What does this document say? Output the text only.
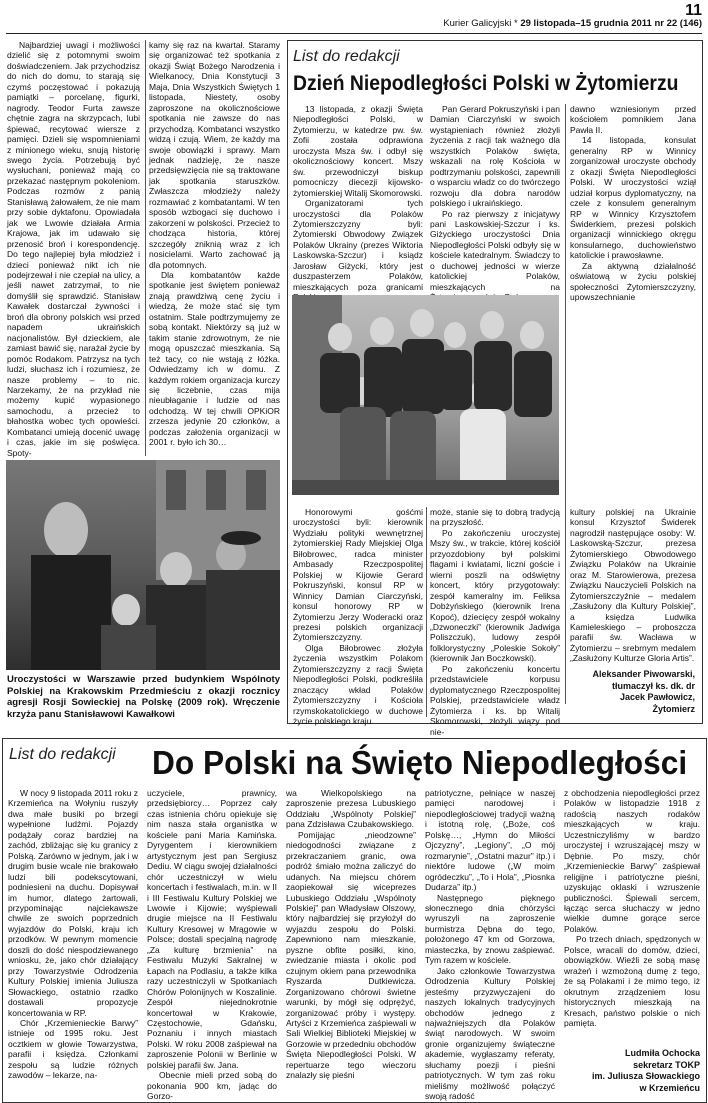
11
Kurier Galicyjski * 29 listopada–15 grudnia 2011 nr 22 (146)

Najbardziej uwagi i możliwości dzielić się z potomnymi swoim doświadczeniem. Jak przychodzisz do nich do domu, to starają się czymś poczęstować i pokazują pamiątki – porcelanę, figurki, nagrody. Teodor Furta zawsze chętnie zagra na skrzypcach, lubi śpiewać, recytować wiersze z pamięci. Dzieli się wspomnieniami z minionego wieku, snują historię swego życia. Potrzebują być wysłuchani, ponieważ mają co przekazać następnym pokoleniom. Podczas rozmów z panią Stanisławą żałowałem, że nie mam przy sobie dyktafonu. Opowiadała jak we Lwowie działała Armia Krajowa, jak im udawało się przenosić broń i korespondencję. Do tego najlepiej była młodzież i dzieci ponieważ nikt ich nie podejrzewał i nie czepiał na ulicy, a jeśli nawet zatrzymał, to nie domyślił się sprawdzić. Stanisław Kawałek dostarczał żywności i broń dla obrony polskich wsi przed napadem ukraińskich nacjonalistów. Był dzieckiem, ale zamiast bawić się, narażał życie by pomóc Rodakom. Patrzysz na tych ludzi, słuchasz ich i rozumiesz, że nasze problemy – to nic. Narzekamy, że na przykład nie możemy kupić wypasionego samochodu, a przecież to błahostka wobec tych opowieści. Kombatanci umieją docenić uwagę i czas, jakie im się poświęca. Spoty-

kamy się raz na kwartał. Staramy się organizować też spotkania z okazji Świąt Bożego Narodzenia i Wielkanocy, Dnia Konstytucji 3 Maja, Dnia Wszystkich Świętych 1 listopada, Niestety, osoby zaproszone na okolicznościowe spotkania nie zawsze do nas przychodzą. Kombatanci wszystko widzą i czują. Wiem, że każdy ma swoje obowiązki i sprawy. Mam jednak nadzieję, że nasze przedsięwzięcia nie są traktowane jak spotkania staruszków. Zwłaszcza młodzieży należy rozmawiać z kombatantami. W ten sposób wzbogaci się duchowo i zakorzeni w polskości. Przecież to chodząca historia, której szczegóły zniknią wraz z ich nosicielami. Warto zachować ją dla potomnych.

Dla kombatantów każde spotkanie jest świętem ponieważ znają prawdziwą cenę życiu i wiedzą, że może stać się tym ostatnim. Stale podtrzymujemy ze sobą kontakt. Niektórzy są już w takim stanie zdrowotnym, że nie mogą opuszczać mieszkania. Są też tacy, co nie wstają z łóżka. Odwiedzamy ich w domu. Z każdym rokiem organizacja kurczy się liczebnie, czas mija nieubłaganie i ludzie od nas odchodzą. W tej chwili OPKiOR zrzesza jedynie 20 członków, a podczas założenia organizacji w 2001 r. było ich 30…

Uroczystości w Warszawie przed budynkiem Wspólnoty Polskiej na Krakowskim Przedmieściu z okazji rocznicy agresji Rosji Sowieckiej na Polskę (2009 rok). Wręczenie krzyża panu Stanisławowi Kawałkowi
List do redakcji
Dzień Niepodległości Polski w Żytomierzu

13 listopada, z okazji Święta Niepodległości Polski, w Żytomierzu, w katedrze pw. św. Zofii została odprawiona uroczysta Msza św. i odbył się okolicznościowy koncert. Mszy św. przewodniczył biskup pomocniczy diecezji kijowsko-żytomierskiej Witalij Skomorowski.

Organizatorami tych uroczystości dla Polaków Żytomierszczyzny byli: Żytomierski Obwodowy Związek Polaków Ukrainy (prezes Wiktoria Laskowska-Szczur) i ksiądz Jarosław Giżycki, który jest duszpasterzem Polaków, mieszkających poza granicami

Pan Gerard Pokruszyński i pan Damian Ciarczyński w swoich wystąpieniach również złożyli życzenia z racji tak ważnego dla wszystkich Polaków święta, wskazali na rolę Kościoła w podtrzymaniu polskości, zapewnili o wsparciu władz co do twórczego rozwoju dla dobra narodów polskiego i ukraińskiego.

Po raz pierwszy z inicjatywy pani Laskowskiej-Szczur i ks. Giżyckiego uroczystości Dnia Niepodległości Polski odbyły się w kościele katedralnym. Świadczy to o duchowej jedności w wierze katolickiej Polaków, mieszkających na

dawno wzniesionym przed kościołem pomnikiem Jana Pawła II.

14 listopada, konsulat generalny RP w Winnicy zorganizował uroczyste obchody z okazji Święta Niepodległości Polski. W uroczystości wziął udział korpus dyplomatyczny, na czele z konsulem generalnym RP w Winnicy Krzysztofem Świderkiem, prezesi polskich organizacji winnickiego okręgu konsularnego, duchowieństwo katolickie i prawosławne.

Za aktywną działalność oświatową w życiu polskiej społeczności Żytomierszczyzny, upowszechnianie

Honorowymi gośćmi uroczystości byli: kierownik Wydziału polityki wewnętrznej żytomierskiej Rady Miejskiej Olga Biłobrowec, radca minister Ambasady Rzeczpospolitej Polskiej w Kijowie Gerard Pokruszyński, konsul RP w Winnicy Damian Ciarczyński, konsul honorowy RP w Żytomierzu Jerzy Woderacki oraz prezesi polskich organizacji Żytomierszczyzny.

Olga Biłobrowec złożyła życzenia wszystkim Polakom Żytomierszczyzny z racji Święta Niepodległości Polski, podkreśliła znaczący wkład Polaków Żytomierszczyzny i Kościoła rzymskokatolickiego w duchowe życie polskiego kraju.

może, stanie się to dobrą tradycją na przyszłość.

Po zakończeniu uroczystej Mszy św., w trakcie, której kościół przyozdobiony był polskimi flagami i kwiatami, liczni goście i wierni poszli na odświętny koncert, który przygotowały: zespół kameralny im. Feliksa Dobżyńskiego (kierownik Irena Kopoć), dziecięcy zespół wokalny „Dzwoneczki” (kierownik Jadwiga Poliszczuk), ludowy zespół folklorystyczny „Poleskie Sokoły” (kierownik Jan Boczkowski).

Po zakończeniu koncertu przedstawiciele korpusu dyplomatycznego Rzeczpospolitej Polskiej, przedstawiciele władz Żytomierza i ks. bp Witalij Skomorowski, złożyli wiązy pod nie-

kultury polskiej na Ukrainie konsul Krzysztof Świderek nagrodził następujące osoby: W. Laskowską-Szczur, prezesa Żytomierskiego Obwodowego Związku Polaków na Ukrainie oraz M. Starowierowa, prezesa Związku Nauczycieli Polskich na Żytomierszczyźnie – medalem „Zasłużony dla Kultury Polskiej”, a księdza Ludwika Kamieleskiego – proboszcza parafii św. Wacława w Żytomierzu – srebrnym medalem „Zasłużony Kulturze Gloria Artis”.

Aleksander Piwowarski,
tłumaczył ks. dk. dr
Jacek Pawłowicz,
Żytomierz
List do redakcji Do Polski na Święto Niepodległości

W nocy 9 listopada 2011 roku z Krzemieńca na Wołyniu ruszyły dwa małe busiki po brzegi wypełnione ludźmi. Pojazdy podążały coraz bardziej na zachód, zbliżając się ku granicy z Polską. Zarówno w jednym, jak i w drugim busie wcale nie brakowało ludzi bili podekscytowani, podniesieni na duchu. Dopisywał im humor, dlatego żartowali, przypominając najciekawsze chwile ze swoich poprzednich wyjazdów do Polski, kraju ich przodków. W pewnym momencie doszli do dość niespodziewanego wniosku, że, jako chór działający przy Towarzystwie Odrodzenia Kultury Polskiej imienia Juliusza Słowackiego, ostatnio rzadko dostawali propozycje koncertowania w RP.

Chór „Krzemienieckie Barwy” istnieje od 1995 roku. Jest ocztkiem w głowie Towarzystwa, parafii i księdza. Członkami zespołu są ludzie różnych zawodów – lekarze, na-

uczyciele, prawnicy, przedsiębiorcy… Poprzez cały czas istnienia chóru opiekuje się nim nasza stała organistka w kościele pani Maria Kamińska. Dyrygentem i kierownikiem artystycznym jest pan Sergiusz Dediu. W ciągu swojej działalności chór uczestniczył w wielu koncertach i festiwalach, m.in. w II i III Festiwalu Kultury Polskiej we Lwowie i Kijowie; wyśpiewali drugie miejsce na II Festiwalu Kultury Kresowej w Mrągowie w Polsce; dostali specjalną nagrodę „Za kulturę brzmienia” na Festiwalu Muzyki Sakralnej w Łapach na Podlasiu, a także kilka razy uczestniczyli w Spotkaniach Chórów Polonijnych w Koszalinie. Zespół niejednokrotnie koncertował w Krakowie, Częstochowie, Gdańsku, Poznaniu i innych miastach Polski. W roku 2008 zaśpiewał na zaproszenie Polonii w Berlinie w polskiej parafii św. Jana.

Obecnie mieli przed sobą do pokonania 900 km, jadąc do Gorzo-

wa Wielkopolskiego na zaproszenie prezesa Lubuskiego Oddziału „Wspólnoty Polskiej” pana Zdzisława Czubakowskiego.

Pomijając „nieodzowne” niedogodności związane z przekraczaniem granic, owa podróż śmiało można zaliczyć do udanych. Na miejscu chórem zaopiekował się wiceprezes Lubuskiego Oddziału „Wspólnoty Polskiej” pan Władysław Olszowy, który najbardziej się przyłożył do wyjazdu zespołu do Polski. Zapewniono nam mieszkanie, pyszne obfite posiłki, kino, zwiedzanie miasta i okolic pod czujnym okiem pana przewodnika Ryszarda Dutkiewicza. Zorganizowano chórowi świetne warunki, by mógł się odprężyć, zorganizować próby i występy. Artyści z Krzemieńca zaśpiewali w Sali Wielkiej Biblioteki Miejskiej w Gorzowie w przededniu obchodów Święta Niepodległości Polski. W repertuarze tego wieczoru znalazły się pieśni

patriotyczne, pełniące w naszej pamięci narodowej i niepodległościowej tradycji ważną i istotną rolę, („Boże, coś Polskę…, „Hymn do Miłości Ojczyzny”, „Legiony”, „O mój rozmarynie”, „Ostatni mazur” itp.) i niektóre ludowe („W moim ogródeczku”, „To i Hola”, „Piosnka Dudarza” itp.)

Następnego pięknego słonecznego dnia chórzyści wyruszyli na zaproszenie burmistrza Dębna do tego, położonego 47 km od Gorzowa, miasteczka, by znowu zaśpiewać. Tym razem w kościele.

Jako członkowie Towarzystwa Odrodzenia Kultury Polskiej jesteśmy przyzwyczajeni do naszych lokalnych tradycyjnych obchodów jednego z najważniejszych dla Polaków świąt narodowych. W swoim gronie organizujemy świąteczne akademie, wygłaszamy referaty, słuchamy poezji i pieśni patriotycznych. W tym zaś roku mieliśmy możliwość połączyć swoją radość

z obchodzenia niepodległości przez Polaków w listopadzie 1918 z radością naszych rodaków mieszkających w kraju. Uczestniczyliśmy w bardzo uroczystej i wzruszającej mszy w Dębnie. Po mszy, chór „Krzemienieckie Barwy” zaśpiewał religijne i patriotyczne pieśni, uzyskując oklaski i wzruszenie publiczności. Śpiewali sercem, łącząc serca słuchaczy w jedno wielkie dumne gorące serce Polaków.

Po trzech dniach, spędzonych w Polsce, wracali do domów, dzieci, obowiązków. Wieźli ze sobą masę wrażeń i wzmożoną dumę z tego, że są Polakami i że mimo tego, iż okrutnym zrządzeniem losu historycznych mieszkają na Kresach, państwo polskie o nich pamięta.

Ludmiła Ochocka
sekretarz TOKP
im. Juliusza Słowackiego
w Krzemieńcu
